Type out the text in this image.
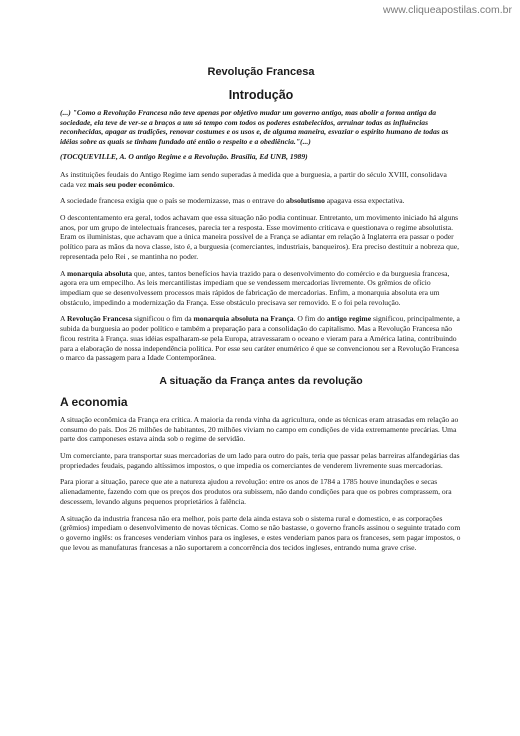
www.cliqueapostilas.com.br
Revolução Francesa
Introdução
(...) "Como a Revolução Francesa não teve apenas por objetivo mudar um governo antigo, mas abolir a forma antiga da sociedade, ela teve de ver-se a braços a um só tempo com todos os poderes estabelecidos, arruinar todas as influências reconhecidas, apagar as tradições, renovar costumes e os usos e, de alguma maneira, esvaziar o espírito humano de todas as idéias sobre as quais se tinham fundado até então o respeito e a obediência."(...)
(TOCQUEVILLE, A. O antigo Regime e a Revolução. Brasília, Ed UNB, 1989)

As instituições feudais do Antigo Regime iam sendo superadas à medida que a burguesia, a partir do século XVIII, consolidava cada vez mais seu poder econômico.

A sociedade francesa exigia que o país se modernizasse, mas o entrave do absolutismo apagava essa expectativa.

O descontentamento era geral, todos achavam que essa situação não podia continuar. Entretanto, um movimento iniciado há alguns anos, por um grupo de intelectuais franceses, parecia ter a resposta. Esse movimento criticava e questionava o regime absolutista. Eram os iluministas, que achavam que a única maneira possível de a França se adiantar em relação à Inglaterra era passar o poder político para as mãos da nova classe, isto é, a burguesia (comerciantes, industriais, banqueiros). Era preciso destituir a nobreza que, representada pelo Rei , se mantinha no poder.

A monarquia absoluta que, antes, tantos benefícios havia trazido para o desenvolvimento do comércio e da burguesia francesa, agora era um empecilho. As leis mercantilistas impediam que se vendessem mercadorias livremente. Os grêmios de ofício impediam que se desenvolvessem processos mais rápidos de fabricação de mercadorias. Enfim, a monarquia absoluta era um obstáculo, impedindo a modernização da França. Esse obstáculo precisava ser removido. E o foi pela revolução.

A Revolução Francesa significou o fim da monarquia absoluta na França. O fim do antigo regime significou, principalmente, a subida da burguesia ao poder político e também a preparação para a consolidação do capitalismo. Mas a Revolução Francesa não ficou restrita à França. suas idéias espalharam-se pela Europa, atravessaram o oceano e vieram para a América latina, contribuindo para a elaboração de nossa independência política. Por esse seu caráter enumérico é que se convencionou ser a Revolução Francesa o marco da passagem para a Idade Contemporânea.

A situação da França antes da revolução
A economia

A situação econômica da França era crítica. A maioria da renda vinha da agricultura, onde as técnicas eram atrasadas em relação ao consumo do país. Dos 26 milhões de habitantes, 20 milhões viviam no campo em condições de vida extremamente precárias. Uma parte dos camponeses estava ainda sob o regime de servidão.

Um comerciante, para transportar suas mercadorias de um lado para outro do país, teria que passar pelas barreiras alfandegárias das propriedades feudais, pagando altíssimos impostos, o que impedia os comerciantes de venderem livremente suas mercadorias.

Para piorar a situação, parece que ate a natureza ajudou a revolução: entre os anos de 1784 a 1785 houve inundações e secas alienadamente, fazendo com que os preços dos produtos ora subissem, não dando condições para que os pobres comprassem, ora descessem, levando alguns pequenos proprietários à falência.

A situação da industria francesa não era melhor, pois parte dela ainda estava sob o sistema rural e domestico, e as corporações (grêmios) impediam o desenvolvimento de novas técnicas. Como se não bastasse, o governo francês assinou o seguinte tratado com o governo inglês: os franceses venderiam vinhos para os ingleses, e estes venderiam panos para os franceses, sem pagar impostos, o que levou as manufaturas francesas a não suportarem a concorrência dos tecidos ingleses, entrando numa grave crise.
